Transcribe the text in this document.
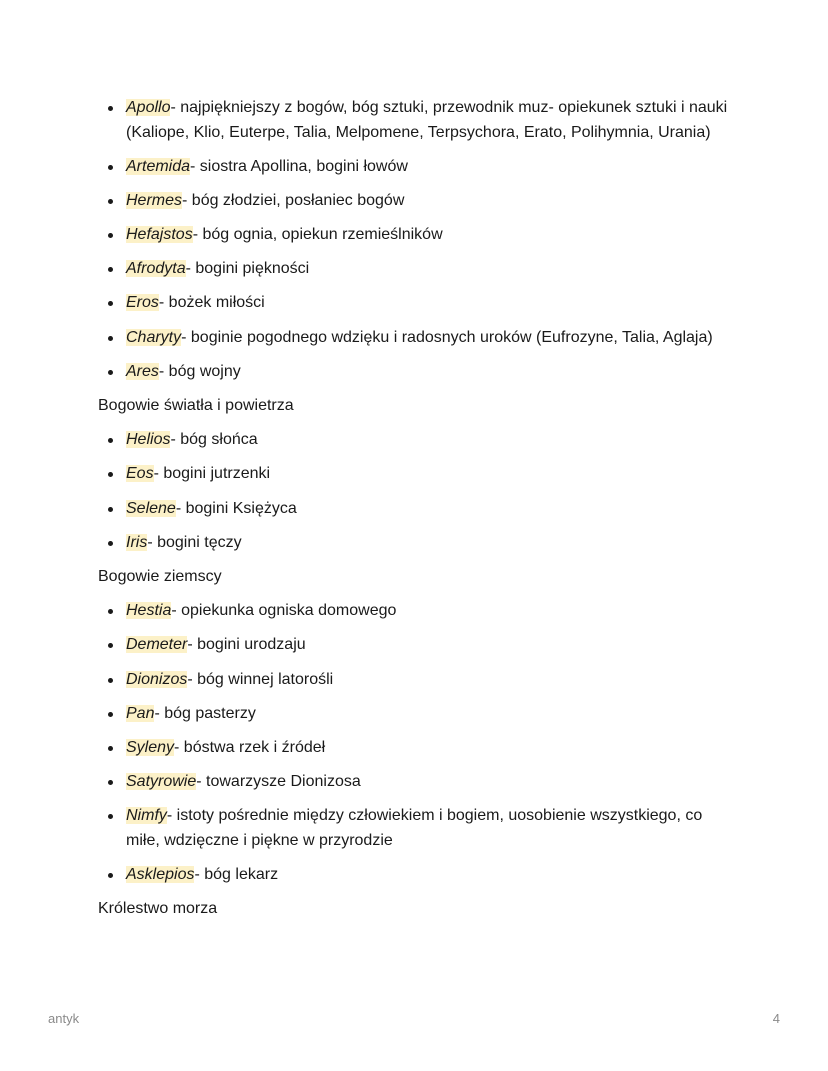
Apollo- najpiękniejszy z bogów, bóg sztuki, przewodnik muz- opiekunek sztuki i nauki (Kaliope, Klio, Euterpe, Talia, Melpomene, Terpsychora, Erato, Polihymnia, Urania)
Artemida- siostra Apollina, bogini łowów
Hermes- bóg złodziei, posłaniec bogów
Hefajstos- bóg ognia, opiekun rzemieślników
Afrodyta- bogini piękności
Eros- bożek miłości
Charyty- boginie pogodnego wdzięku i radosnych uroków (Eufrozyne, Talia, Aglaja)
Ares- bóg wojny

Bogowie światła i powietrza

Helios- bóg słońca
Eos- bogini jutrzenki
Selene- bogini Księżyca
Iris- bogini tęczy

Bogowie ziemscy

Hestia- opiekunka ogniska domowego
Demeter- bogini urodzaju
Dionizos- bóg winnej latorośli
Pan- bóg pasterzy
Syleny- bóstwa rzek i źródeł
Satyrowie- towarzysze Dionizosa
Nimfy- istoty pośrednie między człowiekiem i bogiem, uosobienie wszystkiego, co miłe, wdzięczne i piękne w przyrodzie
Asklepios- bóg lekarz

Królestwo morza

antyk	4
